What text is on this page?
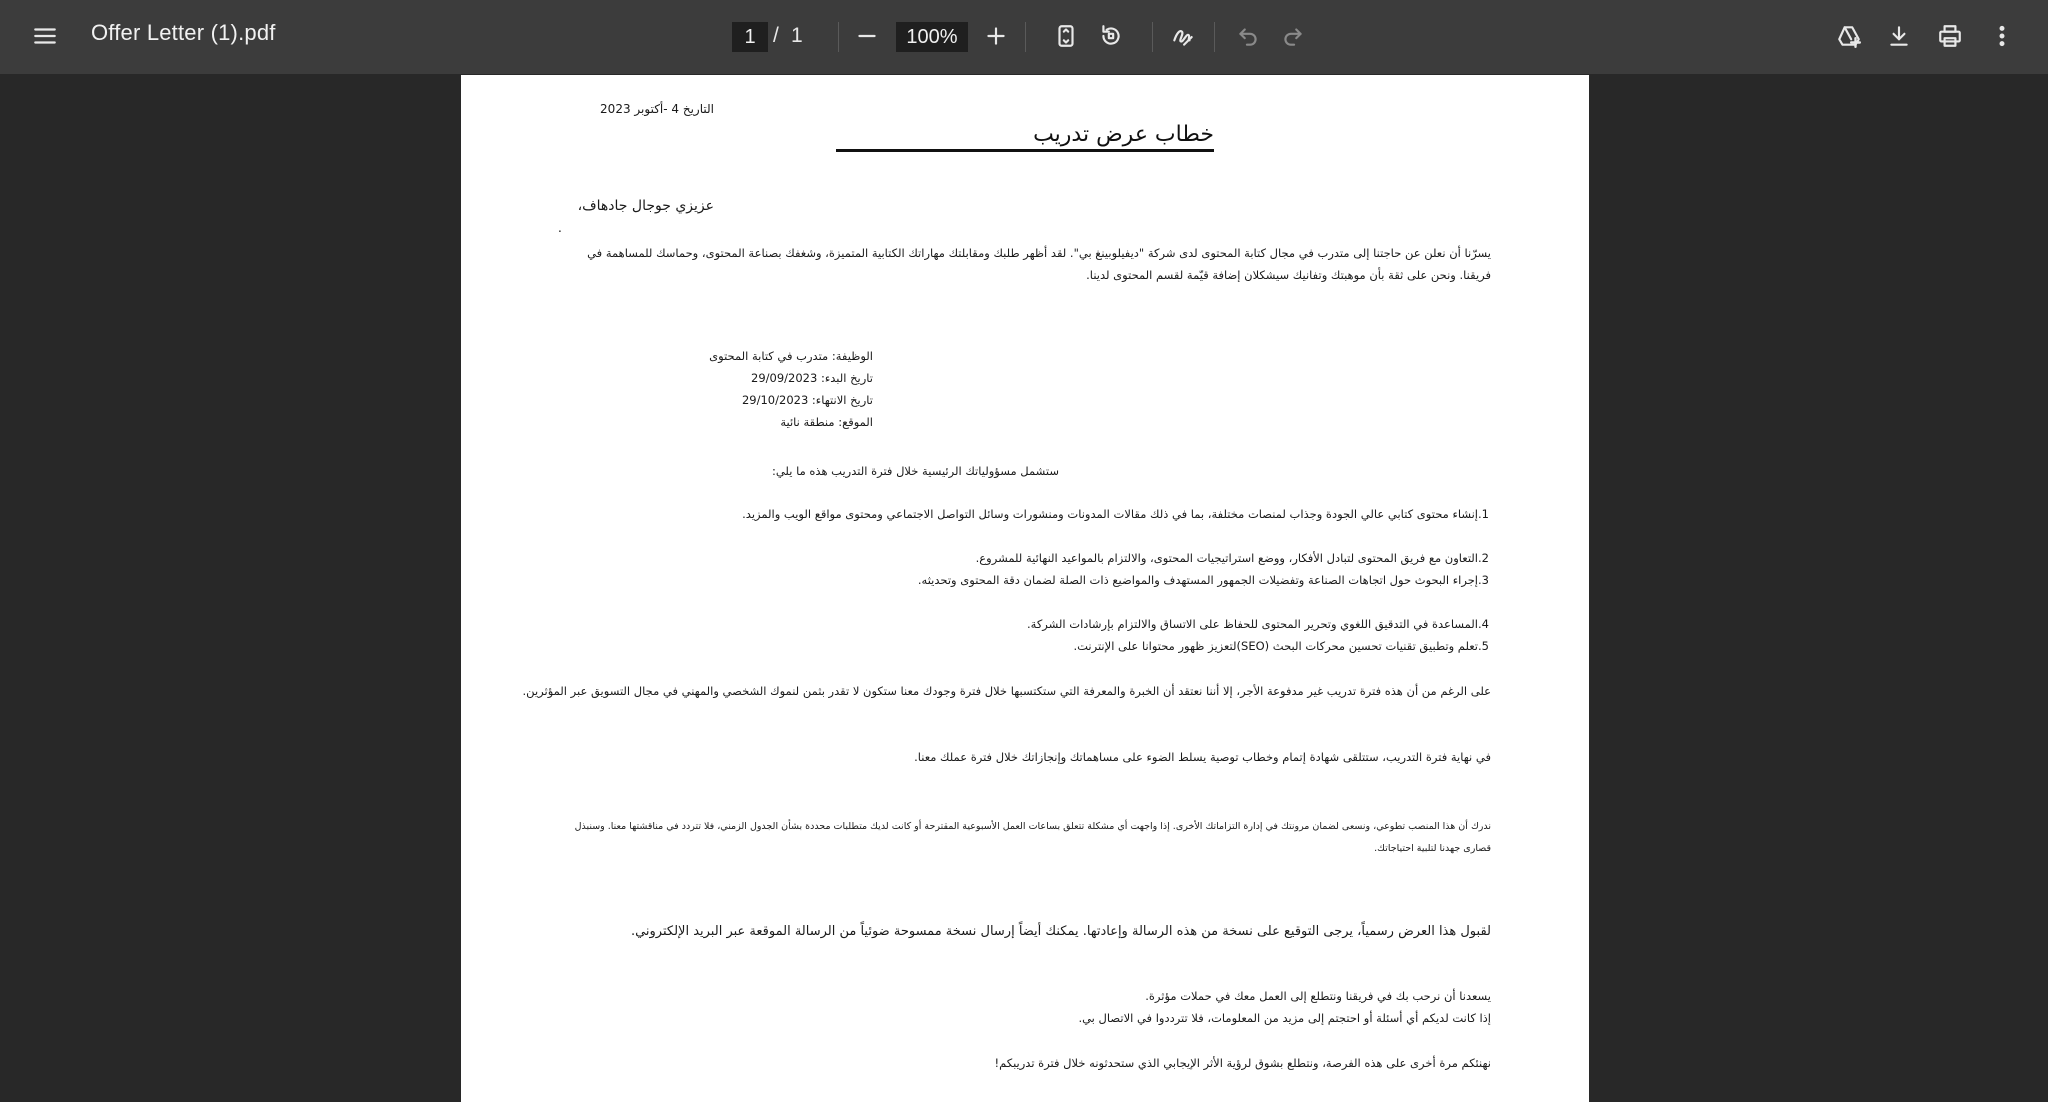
Offer Letter (1).pdf
1	/ 1
100%
التاريخ 4 -أكتوبر 2023
خطاب عرض تدريب
عزيزي جوجال جادهاف،
.
يسرّنا أن نعلن عن حاجتنا إلى متدرب في مجال كتابة المحتوى لدى شركة "ديفيلوبينغ بي". لقد أظهر طلبك ومقابلتك مهاراتك الكتابية المتميزة، وشغفك بصناعة المحتوى، وحماسك للمساهمة في فريقنا. ونحن على ثقة بأن موهبتك وتفانيك سيشكلان إضافة قيّمة لقسم المحتوى لدينا.
الوظيفة: متدرب في كتابة المحتوى
تاريخ البدء: 29/09/2023
تاريخ الانتهاء: 29/10/2023
الموقع: منطقة نائية
ستشمل مسؤولياتك الرئيسية خلال فترة التدريب هذه ما يلي:
1.إنشاء محتوى كتابي عالي الجودة وجذاب لمنصات مختلفة، بما في ذلك مقالات المدونات ومنشورات وسائل التواصل الاجتماعي ومحتوى مواقع الويب والمزيد.
2.التعاون مع فريق المحتوى لتبادل الأفكار، ووضع استراتيجيات المحتوى، والالتزام بالمواعيد النهائية للمشروع.
3.إجراء البحوث حول اتجاهات الصناعة وتفضيلات الجمهور المستهدف والمواضيع ذات الصلة لضمان دقة المحتوى وتحديثه.
4.المساعدة في التدقيق اللغوي وتحرير المحتوى للحفاظ على الاتساق والالتزام بإرشادات الشركة.
5.تعلم وتطبيق تقنيات تحسين محركات البحث (SEO)لتعزيز ظهور محتوانا على الإنترنت.
على الرغم من أن هذه فترة تدريب غير مدفوعة الأجر، إلا أننا نعتقد أن الخبرة والمعرفة التي ستكتسبها خلال فترة وجودك معنا ستكون لا تقدر بثمن لنموك الشخصي والمهني في مجال التسويق عبر المؤثرين.
في نهاية فترة التدريب، ستتلقى شهادة إتمام وخطاب توصية يسلط الضوء على مساهماتك وإنجازاتك خلال فترة عملك معنا.
ندرك أن هذا المنصب تطوعي، ونسعى لضمان مرونتك في إدارة التزاماتك الأخرى. إذا واجهت أي مشكلة تتعلق بساعات العمل الأسبوعية المقترحة أو كانت لديك متطلبات محددة بشأن الجدول الزمني، فلا تتردد في مناقشتها معنا. وسنبذل قصارى جهدنا لتلبية احتياجاتك.
لقبول هذا العرض رسمياً، يرجى التوقيع على نسخة من هذه الرسالة وإعادتها. يمكنك أيضاً إرسال نسخة ممسوحة ضوئياً من الرسالة الموقعة عبر البريد الإلكتروني.
يسعدنا أن نرحب بك في فريقنا ونتطلع إلى العمل معك في حملات مؤثرة.
إذا كانت لديكم أي أسئلة أو احتجتم إلى مزيد من المعلومات، فلا تترددوا في الاتصال بي.
نهنئكم مرة أخرى على هذه الفرصة، ونتطلع بشوق لرؤية الأثر الإيجابي الذي ستحدثونه خلال فترة تدريبكم!
